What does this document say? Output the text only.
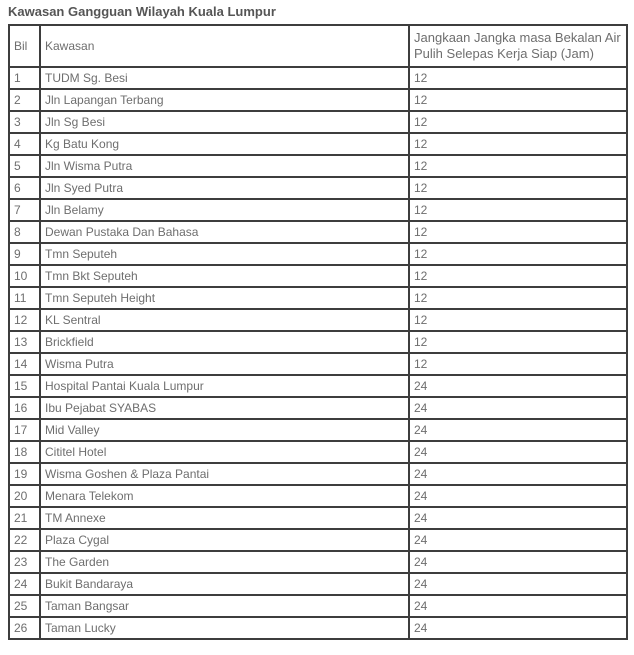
Kawasan Gangguan Wilayah Kuala Lumpur
Bil	Kawasan	Jangkaan Jangka masa Bekalan Air Pulih Selepas Kerja Siap (Jam)
1	TUDM Sg. Besi	12
2	Jln Lapangan Terbang	12
3	Jln Sg Besi	12
4	Kg Batu Kong	12
5	Jln Wisma Putra	12
6	Jln Syed Putra	12
7	Jln Belamy	12
8	Dewan Pustaka Dan Bahasa	12
9	Tmn Seputeh	12
10	Tmn Bkt Seputeh	12
11	Tmn Seputeh Height	12
12	KL Sentral	12
13	Brickfield	12
14	Wisma Putra	12
15	Hospital Pantai Kuala Lumpur	24
16	Ibu Pejabat SYABAS	24
17	Mid Valley	24
18	Cititel Hotel	24
19	Wisma Goshen & Plaza Pantai	24
20	Menara Telekom	24
21	TM Annexe	24
22	Plaza Cygal	24
23	The Garden	24
24	Bukit Bandaraya	24
25	Taman Bangsar	24
26	Taman Lucky	24
